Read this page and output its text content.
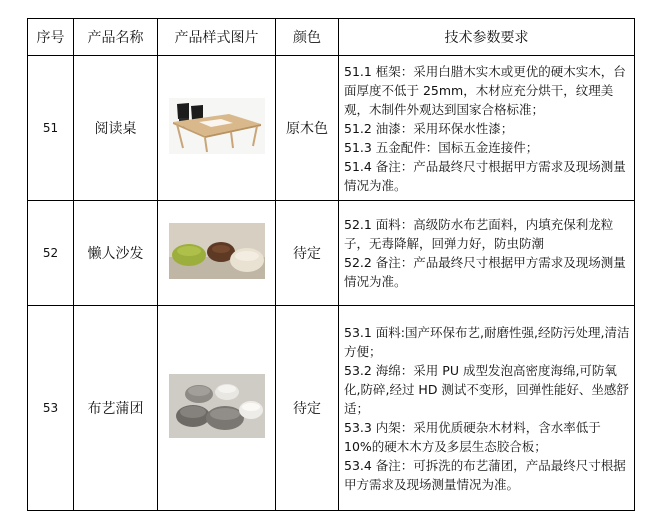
序号	产品名称	产品样式图片	颜色	技术参数要求
51	阅读桌		原木色	51.1 框架：采用白腊木实木或更优的硬木实木，台面厚度不低于 25mm，木材应充分烘干，纹理美观，木制件外观达到国家合格标准；
51.2 油漆：采用环保水性漆；
51.3 五金配件：国标五金连接件；
51.4 备注：产品最终尺寸根据甲方需求及现场测量情况为准。

52	懒人沙发		待定	52.1 面料：高级防水布艺面料，内填充保利龙粒子，无毒降解，回弹力好，防虫防潮
52.2 备注：产品最终尺寸根据甲方需求及现场测量情况为准。

53	布艺蒲团		待定	53.1 面料:国产环保布艺,耐磨性强,经防污处理,清洁方便；
53.2 海绵：采用 PU 成型发泡高密度海绵,可防氧化,防碎,经过 HD 测试不变形，回弹性能好、坐感舒适；
53.3 内架：采用优质硬杂木材料，含水率低于 10%的硬木木方及多层生态胶合板；
53.4 备注：可拆洗的布艺蒲团，产品最终尺寸根据甲方需求及现场测量情况为准。
